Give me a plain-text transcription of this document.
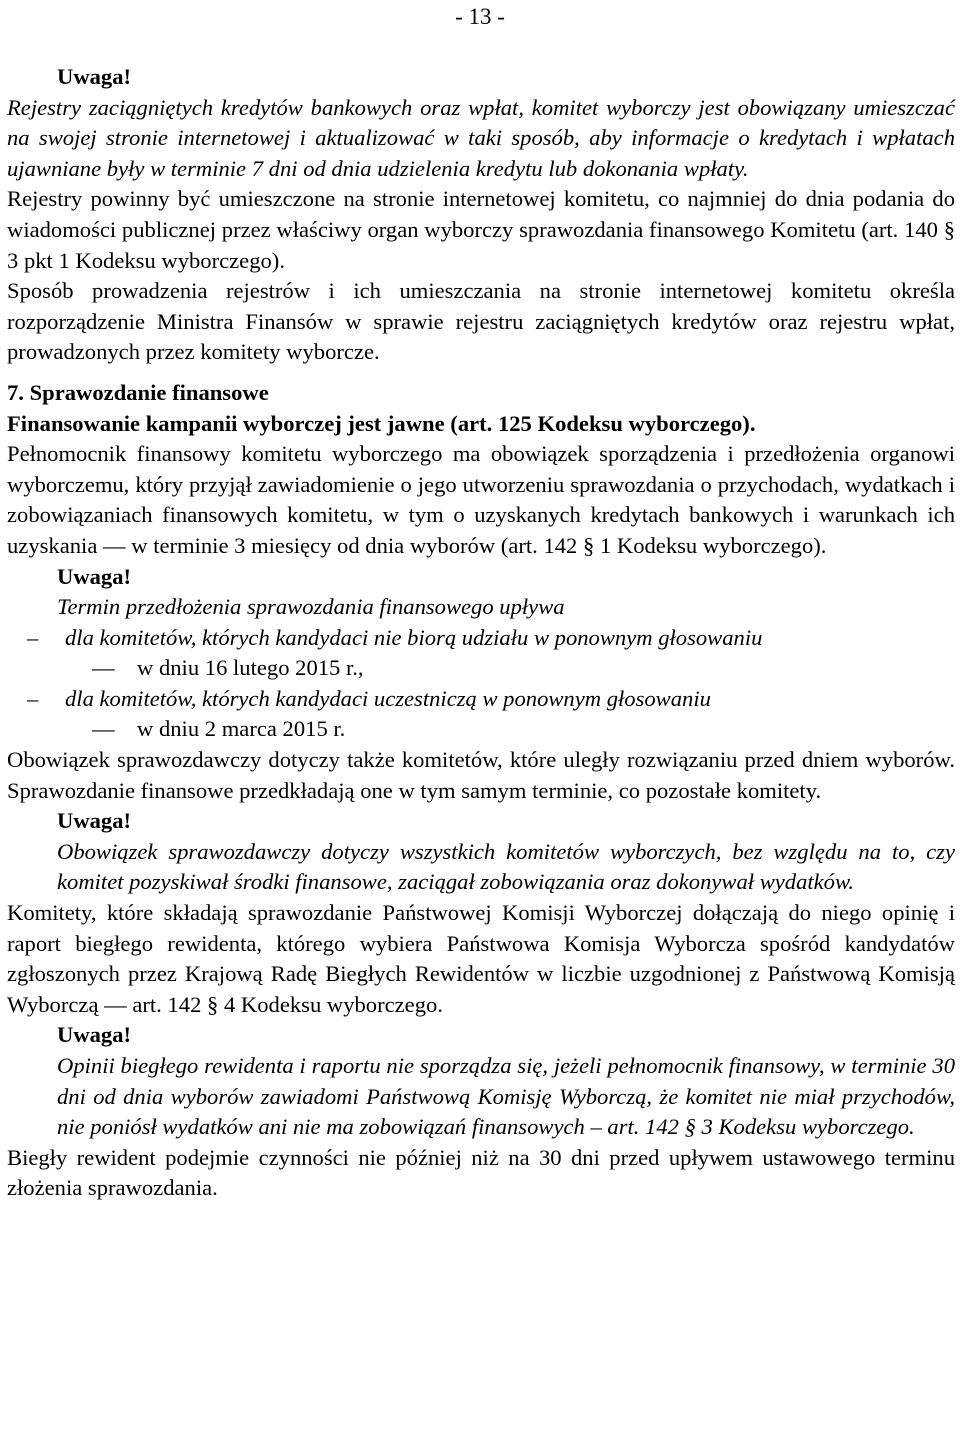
- 13 -

Uwaga!

Rejestry zaciągniętych kredytów bankowych oraz wpłat, komitet wyborczy jest obowiązany umieszczać na swojej stronie internetowej i aktualizować w taki sposób, aby informacje o kredytach i wpłatach ujawniane były w terminie 7 dni od dnia udzielenia kredytu lub dokonania wpłaty.

Rejestry powinny być umieszczone na stronie internetowej komitetu, co najmniej do dnia podania do wiadomości publicznej przez właściwy organ wyborczy sprawozdania finansowego Komitetu (art. 140 § 3 pkt 1 Kodeksu wyborczego).

Sposób prowadzenia rejestrów i ich umieszczania na stronie internetowej komitetu określa rozporządzenie Ministra Finansów w sprawie rejestru zaciągniętych kredytów oraz rejestru wpłat, prowadzonych przez komitety wyborcze.

7. Sprawozdanie finansowe

Finansowanie kampanii wyborczej jest jawne (art. 125 Kodeksu wyborczego).

Pełnomocnik finansowy komitetu wyborczego ma obowiązek sporządzenia i przedłożenia organowi wyborczemu, który przyjął zawiadomienie o jego utworzeniu sprawozdania o przychodach, wydatkach i zobowiązaniach finansowych komitetu, w tym o uzyskanych kredytach bankowych i warunkach ich uzyskania — w terminie 3 miesięcy od dnia wyborów (art. 142 § 1 Kodeksu wyborczego).

Uwaga!

Termin przedłożenia sprawozdania finansowego upływa

– dla komitetów, których kandydaci nie biorą udziału w ponownym głosowaniu

— w dniu 16 lutego 2015 r.,

– dla komitetów, których kandydaci uczestniczą w ponownym głosowaniu

— w dniu 2 marca 2015 r.

Obowiązek sprawozdawczy dotyczy także komitetów, które uległy rozwiązaniu przed dniem wyborów. Sprawozdanie finansowe przedkładają one w tym samym terminie, co pozostałe komitety.

Uwaga!

Obowiązek sprawozdawczy dotyczy wszystkich komitetów wyborczych, bez względu na to, czy komitet pozyskiwał środki finansowe, zaciągał zobowiązania oraz dokonywał wydatków.

Komitety, które składają sprawozdanie Państwowej Komisji Wyborczej dołączają do niego opinię i raport biegłego rewidenta, którego wybiera Państwowa Komisja Wyborcza spośród kandydatów zgłoszonych przez Krajową Radę Biegłych Rewidentów w liczbie uzgodnionej z Państwową Komisją Wyborczą — art. 142 § 4 Kodeksu wyborczego.

Uwaga!

Opinii biegłego rewidenta i raportu nie sporządza się, jeżeli pełnomocnik finansowy, w terminie 30 dni od dnia wyborów zawiadomi Państwową Komisję Wyborczą, że komitet nie miał przychodów, nie poniósł wydatków ani nie ma zobowiązań finansowych – art. 142 § 3 Kodeksu wyborczego.

Biegły rewident podejmie czynności nie później niż na 30 dni przed upływem ustawowego terminu złożenia sprawozdania.
